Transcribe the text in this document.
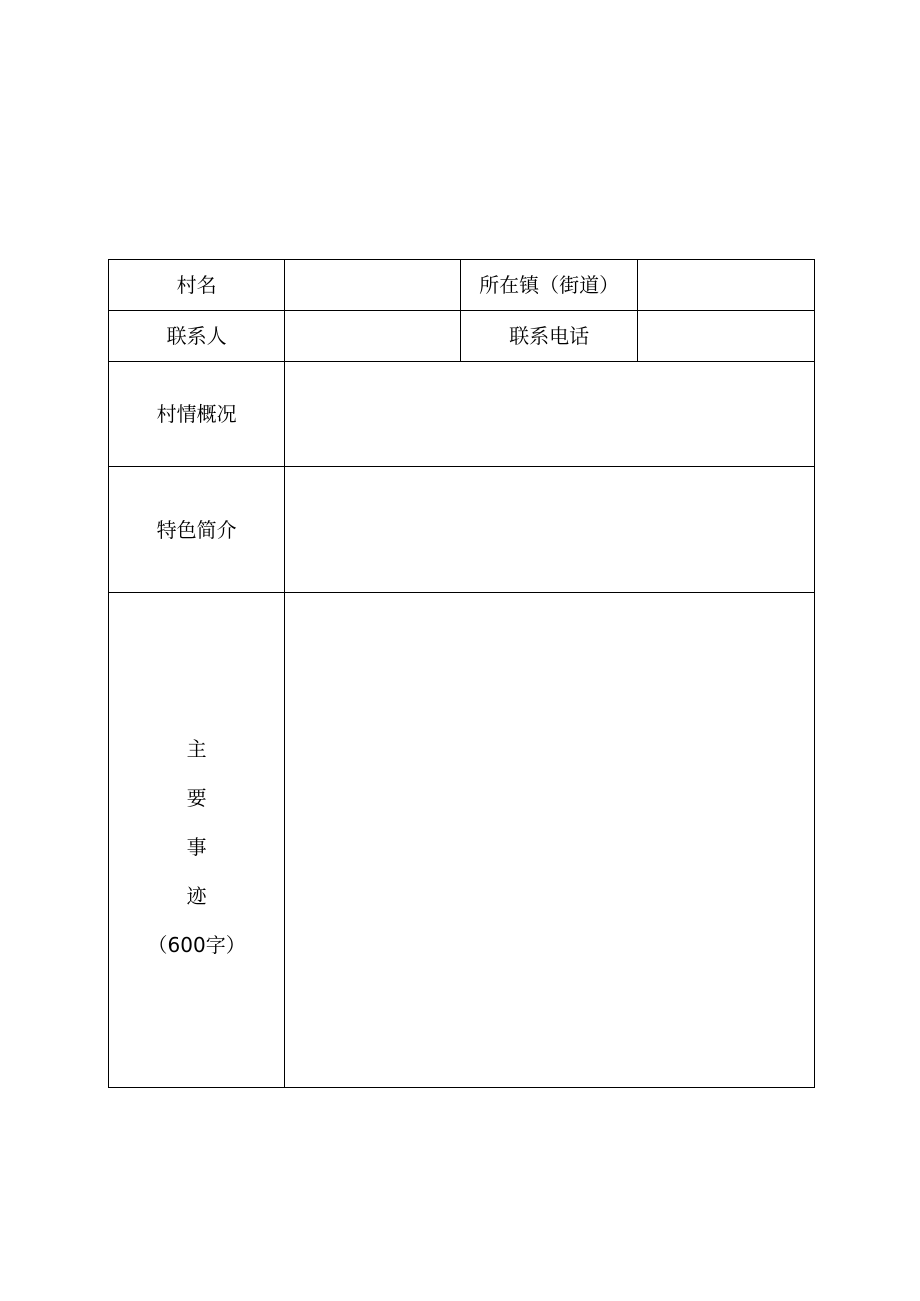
村名		所在镇（街道）	

联系人		联系电话	

村情概况			

特色简介			

主
要
事
迹
（600字）			
